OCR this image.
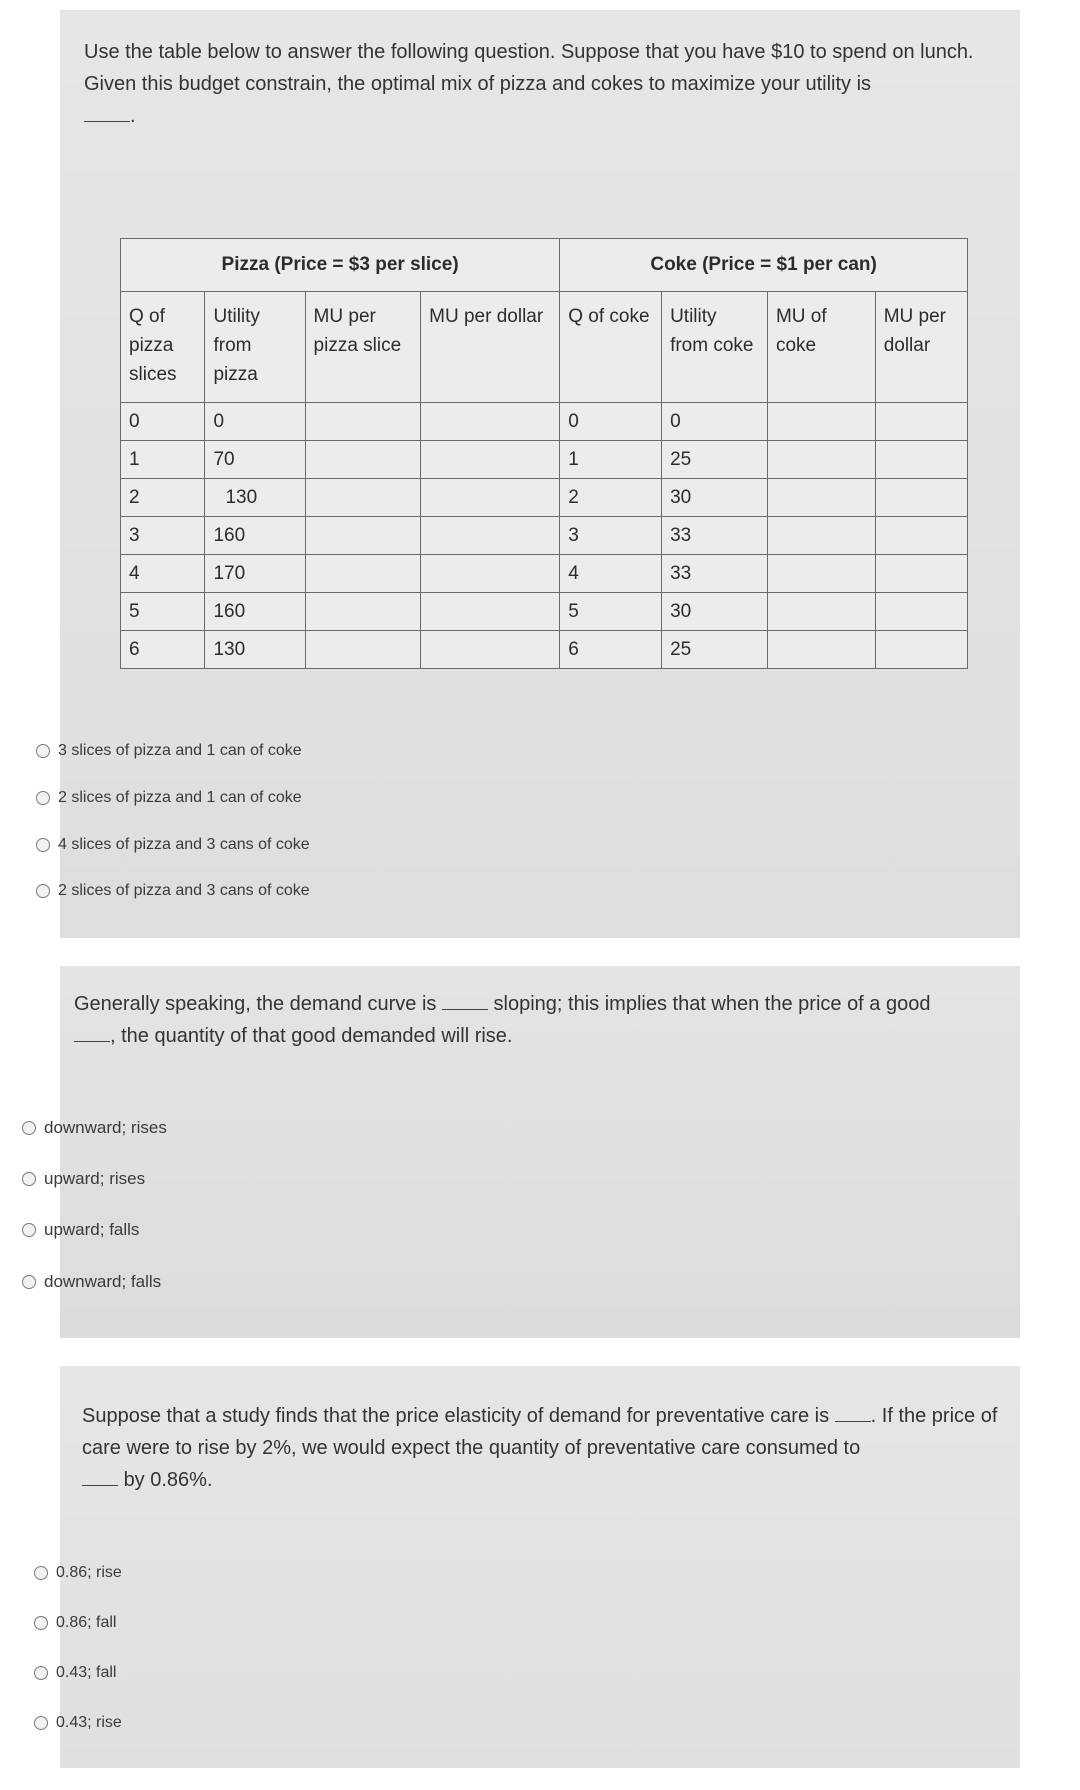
Use the table below to answer the following question. Suppose that you have $10 to spend on lunch. Given this budget constrain, the optimal mix of pizza and cokes to maximize your utility is
.
Pizza (Price = $3 per slice)				Coke (Price = $1 per can)			
Q of pizza slices	Utility from pizza	MU per pizza slice	MU per dollar	Q of coke	Utility from coke	MU of coke	MU per dollar
0	0			0	0		
1	70			1	25		
2	130			2	30		
3	160			3	33		
4	170			4	33		
5	160			5	30		
6	130			6	25		
3 slices of pizza and 1 can of coke
2 slices of pizza and 1 can of coke
4 slices of pizza and 3 cans of coke
2 slices of pizza and 3 cans of coke
Generally speaking, the demand curve is	sloping; this implies that when the price of a good
, the quantity of that good demanded will rise.
downward; rises
upward; rises
upward; falls
downward; falls
Suppose that a study finds that the price elasticity of demand for preventative care is . If the price of care were to rise by 2%, we would expect the quantity of preventative care consumed to
by 0.86%.
0.86; rise
0.86; fall
0.43; fall
0.43; rise
